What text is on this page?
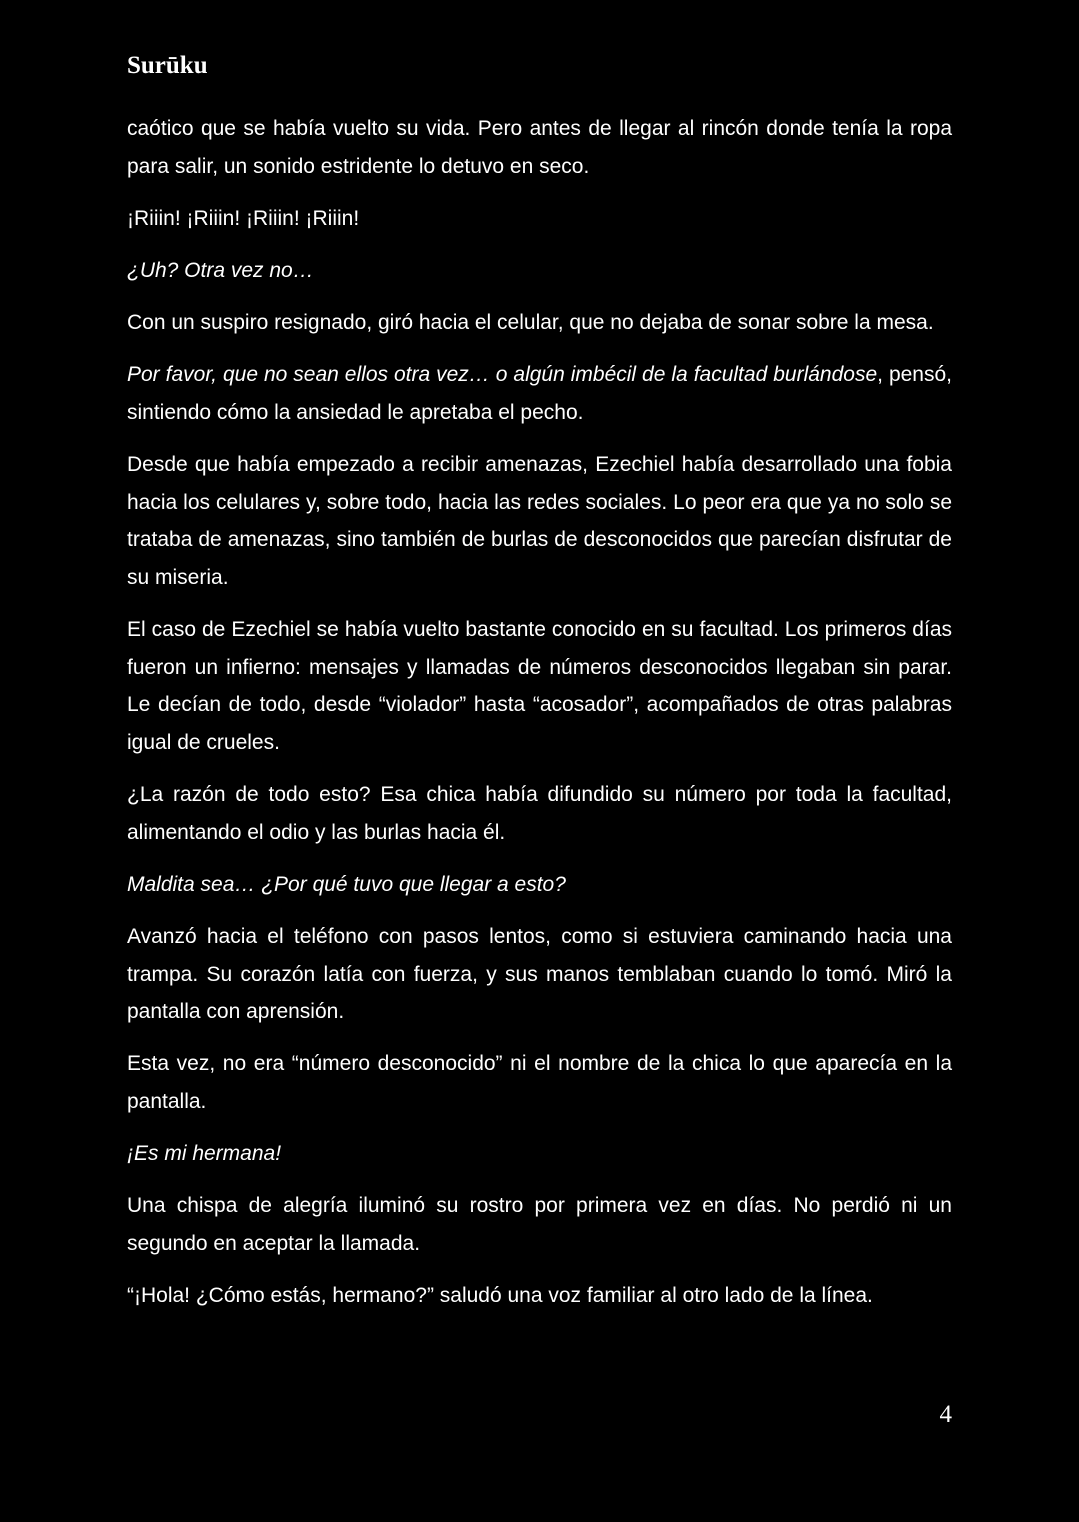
Surūku

caótico que se había vuelto su vida. Pero antes de llegar al rincón donde tenía la ropa para salir, un sonido estridente lo detuvo en seco.

¡Riiin! ¡Riiin! ¡Riiin! ¡Riiin!

¿Uh? Otra vez no…

Con un suspiro resignado, giró hacia el celular, que no dejaba de sonar sobre la mesa.

Por favor, que no sean ellos otra vez… o algún imbécil de la facultad burlándose, pensó, sintiendo cómo la ansiedad le apretaba el pecho.

Desde que había empezado a recibir amenazas, Ezechiel había desarrollado una fobia hacia los celulares y, sobre todo, hacia las redes sociales. Lo peor era que ya no solo se trataba de amenazas, sino también de burlas de desconocidos que parecían disfrutar de su miseria.

El caso de Ezechiel se había vuelto bastante conocido en su facultad. Los primeros días fueron un infierno: mensajes y llamadas de números desconocidos llegaban sin parar. Le decían de todo, desde “violador” hasta “acosador”, acompañados de otras palabras igual de crueles.

¿La razón de todo esto? Esa chica había difundido su número por toda la facultad, alimentando el odio y las burlas hacia él.

Maldita sea… ¿Por qué tuvo que llegar a esto?

Avanzó hacia el teléfono con pasos lentos, como si estuviera caminando hacia una trampa. Su corazón latía con fuerza, y sus manos temblaban cuando lo tomó. Miró la pantalla con aprensión.

Esta vez, no era “número desconocido” ni el nombre de la chica lo que aparecía en la pantalla.

¡Es mi hermana!

Una chispa de alegría iluminó su rostro por primera vez en días. No perdió ni un segundo en aceptar la llamada.

“¡Hola! ¿Cómo estás, hermano?” saludó una voz familiar al otro lado de la línea.

4
